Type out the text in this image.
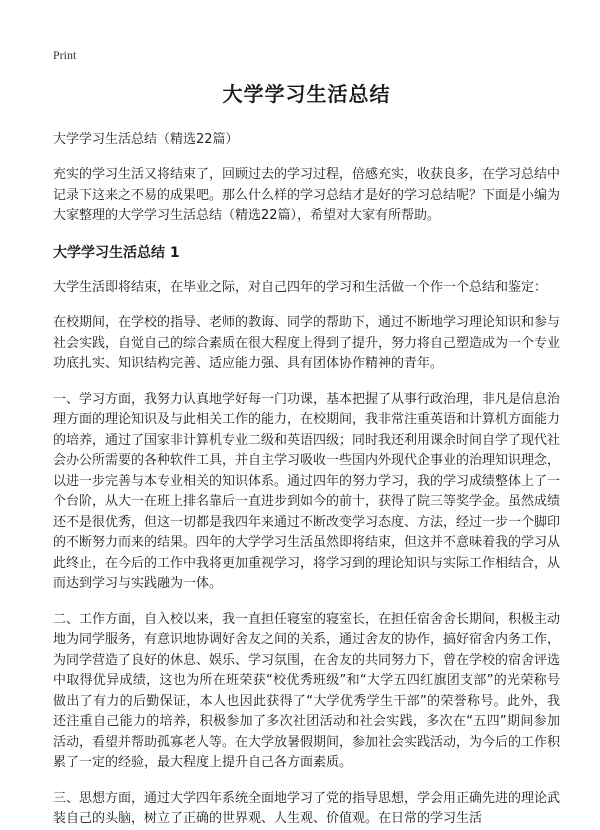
Print
大学学习生活总结
大学学习生活总结（精选22篇）

充实的学习生活又将结束了，回顾过去的学习过程，倍感充实，收获良多，在学习总结中记录下这来之不易的成果吧。那么什么样的学习总结才是好的学习总结呢？下面是小编为大家整理的大学学习生活总结（精选22篇），希望对大家有所帮助。

大学学习生活总结 1

大学生活即将结束，在毕业之际，对自己四年的学习和生活做一个作一个总结和鉴定：

在校期间，在学校的指导、老师的教诲、同学的帮助下，通过不断地学习理论知识和参与社会实践，自觉自己的综合素质在很大程度上得到了提升，努力将自己塑造成为一个专业功底扎实、知识结构完善、适应能力强、具有团体协作精神的青年。

一、学习方面，我努力认真地学好每一门功课，基本把握了从事行政治理，非凡是信息治理方面的理论知识及与此相关工作的能力，在校期间，我非常注重英语和计算机方面能力的培养，通过了国家非计算机专业二级和英语四级；同时我还利用课余时间自学了现代社会办公所需要的各种软件工具，并自主学习吸收一些国内外现代企事业的治理知识理念，以进一步完善与本专业相关的知识体系。通过四年的努力学习，我的学习成绩整体上了一个台阶，从大一在班上排名靠后一直进步到如今的前十，获得了院三等奖学金。虽然成绩还不是很优秀，但这一切都是我四年来通过不断改变学习态度、方法，经过一步一个脚印的不断努力而来的结果。四年的大学学习生活虽然即将结束，但这并不意味着我的学习从此终止，在今后的工作中我将更加重视学习，将学习到的理论知识与实际工作相结合，从而达到学习与实践融为一体。

二、工作方面，自入校以来，我一直担任寝室的寝室长，在担任宿舍舍长期间，积极主动地为同学服务，有意识地协调好舍友之间的关系，通过舍友的协作，搞好宿舍内务工作，为同学营造了良好的休息、娱乐、学习氛围，在舍友的共同努力下，曾在学校的宿舍评选中取得优异成绩，这也为所在班荣获“校优秀班级”和“大学五四红旗团支部”的光荣称号做出了有力的后勤保证，本人也因此获得了“大学优秀学生干部”的荣誉称号。此外，我还注重自己能力的培养，积极参加了多次社团活动和社会实践，多次在“五四”期间参加活动，看望并帮助孤寡老人等。在大学放暑假期间，参加社会实践活动，为今后的工作积累了一定的经验，最大程度上提升自己各方面素质。

三、思想方面，通过大学四年系统全面地学习了党的指导思想，学会用正确先进的理论武装自己的头脑，树立了正确的世界观、人生观、价值观。在日常的学习生活
